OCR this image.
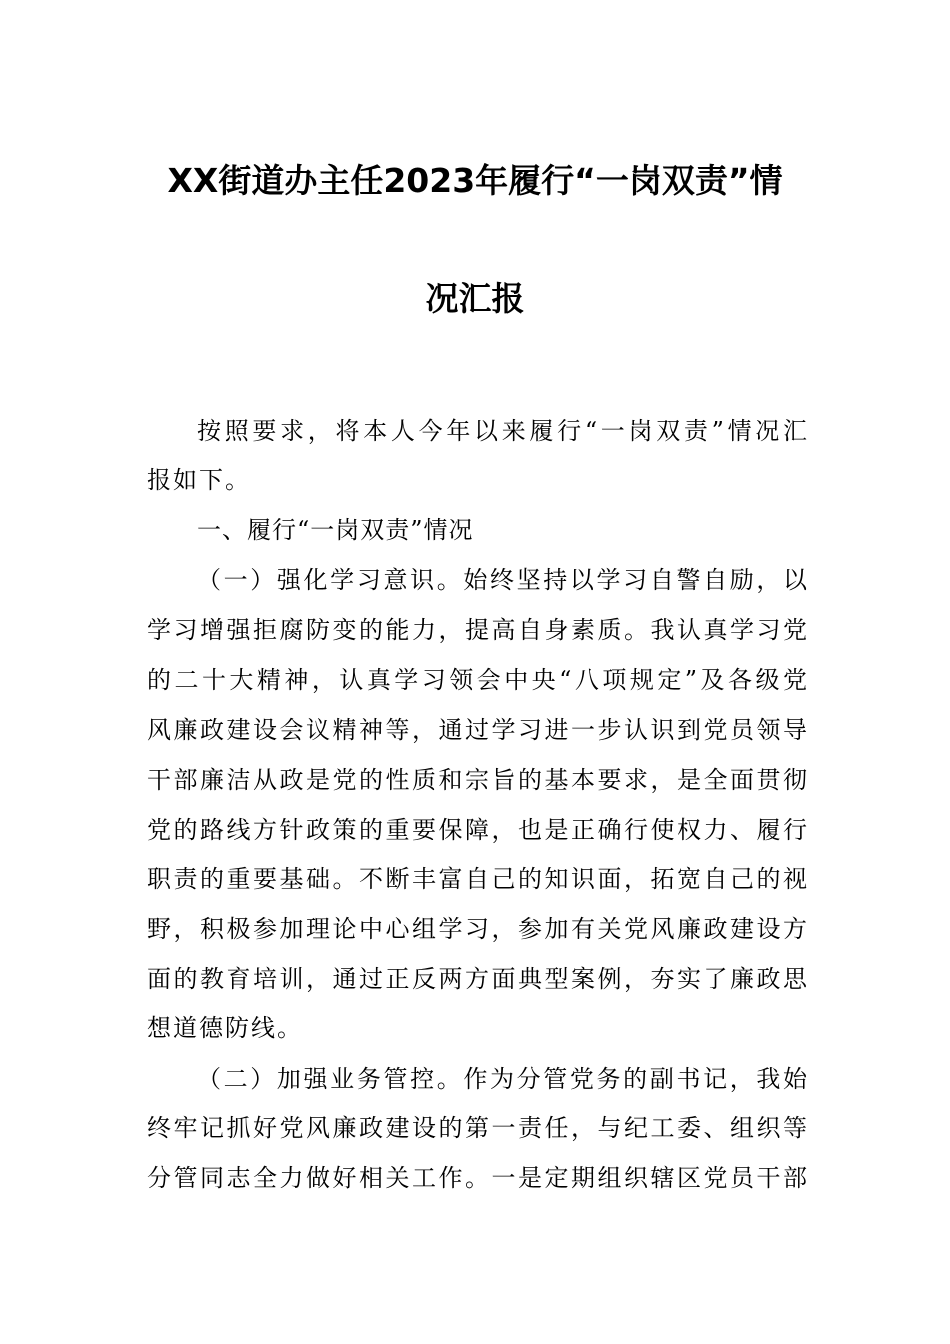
XX街道办主任2023年履行“一岗双责”情
况汇报
按照要求，将本人今年以来履行“一岗双责”情况汇
报如下。
一、履行“一岗双责”情况
（一）强化学习意识。始终坚持以学习自警自励，以
学习增强拒腐防变的能力，提高自身素质。我认真学习党
的二十大精神，认真学习领会中央“八项规定”及各级党
风廉政建设会议精神等，通过学习进一步认识到党员领导
干部廉洁从政是党的性质和宗旨的基本要求，是全面贯彻
党的路线方针政策的重要保障，也是正确行使权力、履行
职责的重要基础。不断丰富自己的知识面，拓宽自己的视
野，积极参加理论中心组学习，参加有关党风廉政建设方
面的教育培训，通过正反两方面典型案例，夯实了廉政思
想道德防线。
（二）加强业务管控。作为分管党务的副书记，我始
终牢记抓好党风廉政建设的第一责任，与纪工委、组织等
分管同志全力做好相关工作。一是定期组织辖区党员干部
